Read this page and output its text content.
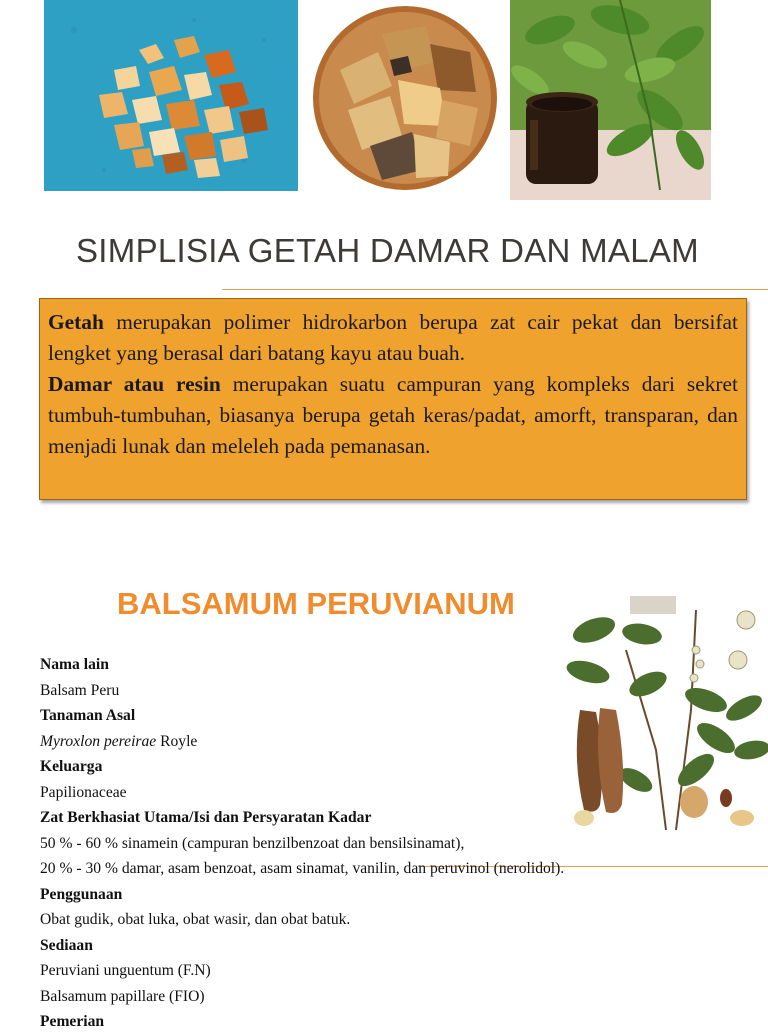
SIMPLISIA GETAH DAMAR DAN MALAM

Getah merupakan polimer hidrokarbon berupa zat cair pekat dan bersifat lengket yang berasal dari batang kayu atau buah.

Damar atau resin merupakan suatu campuran yang kompleks dari sekret tumbuh-tumbuhan, biasanya berupa getah keras/padat, amorft, transparan, dan menjadi lunak dan meleleh pada pemanasan.

BALSAMUM PERUVIANUM
Nama lain
Balsam Peru
Tanaman Asal
Myroxlon pereirae Royle
Keluarga
Papilionaceae
Zat Berkhasiat Utama/Isi dan Persyaratan Kadar
50 % - 60 % sinamein (campuran benzilbenzoat dan bensilsinamat),
20 % - 30 % damar, asam benzoat, asam sinamat, vanilin, dan peruvinol (nerolidol).
Penggunaan
Obat gudik, obat luka, obat wasir, dan obat batuk.
Sediaan
Peruviani unguentum (F.N)
Balsamum papillare (FIO)
Pemerian
